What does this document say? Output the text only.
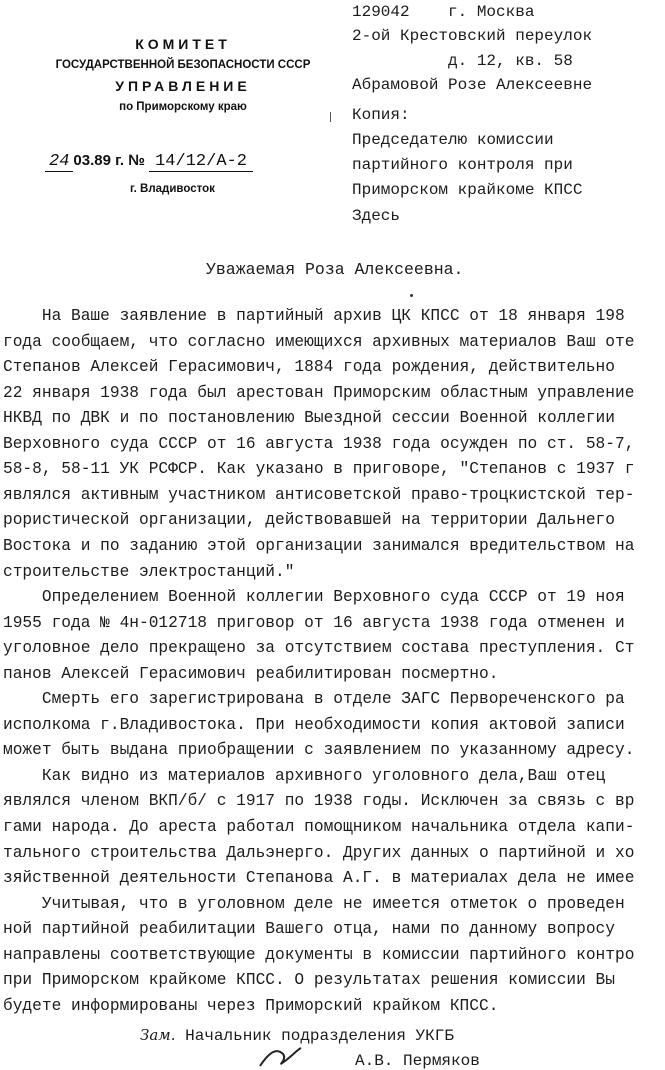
КОМИТЕТ
ГОСУДАРСТВЕННОЙ БЕЗОПАСНОСТИ СССР
УПРАВЛЕНИЕ
по Приморскому краю
24 03.89 г. № 14/12/А-2
г. Владивосток
129042    г. Москва
2-ой Крестовский переулок
д. 12, кв. 58
Абрамовой Розе Алексеевне
Копия:
Председателю комиссии
партийного контроля при
Приморском крайкоме КПСС
Здесь
Уважаемая Роза Алексеевна.
На Ваше заявление в партийный архив ЦК КПСС от 18 января 198
года сообщаем, что согласно имеющихся архивных материалов Ваш оте
Степанов Алексей Герасимович, 1884 года рождения, действительно
22 января 1938 года был арестован Приморским областным управление
НКВД по ДВК и по постановлению Выездной сессии Военной коллегии
Верховного суда СССР от 16 августа 1938 года осужден по ст. 58-7,
58-8, 58-11 УК РСФСР. Как указано в приговоре, "Степанов с 1937 г
являлся активным участником антисоветской право-троцкистской тер-
рористической организации, действовавшей на территории Дальнего
Востока и по заданию этой организации занимался вредительством на
строительстве электростанций."
Определением Военной коллегии Верховного суда СССР от 19 ноя
1955 года № 4н-012718 приговор от 16 августа 1938 года отменен и
уголовное дело прекращено за отсутствием состава преступления. Ст
панов Алексей Герасимович реабилитирован посмертно.
Смерть его зарегистрирована в отделе ЗАГС Первореченского ра
исполкома г.Владивостока. При необходимости копия актовой записи
может быть выдана приобращении с заявлением по указанному адресу.
Как видно из материалов архивного уголовного дела,Ваш отец
являлся членом ВКП/б/ с 1917 по 1938 годы. Исключен за связь с вр
гами народа. До ареста работал помощником начальника отдела капи-
тального строительства Дальэнерго. Других данных о партийной и хо
зяйственной деятельности Степанова А.Г. в материалах дела не имее
Учитывая, что в уголовном деле не имеется отметок о проведен
ной партийной реабилитации Вашего отца, нами по данному вопросу
направлены соответствующие документы в комиссии партийного контро
при Приморском крайкоме КПСС. О результатах решения комиссии Вы
будете информированы через Приморский крайком КПСС.
Зам. Начальник подразделения УКГБ
А.В. Пермяков
